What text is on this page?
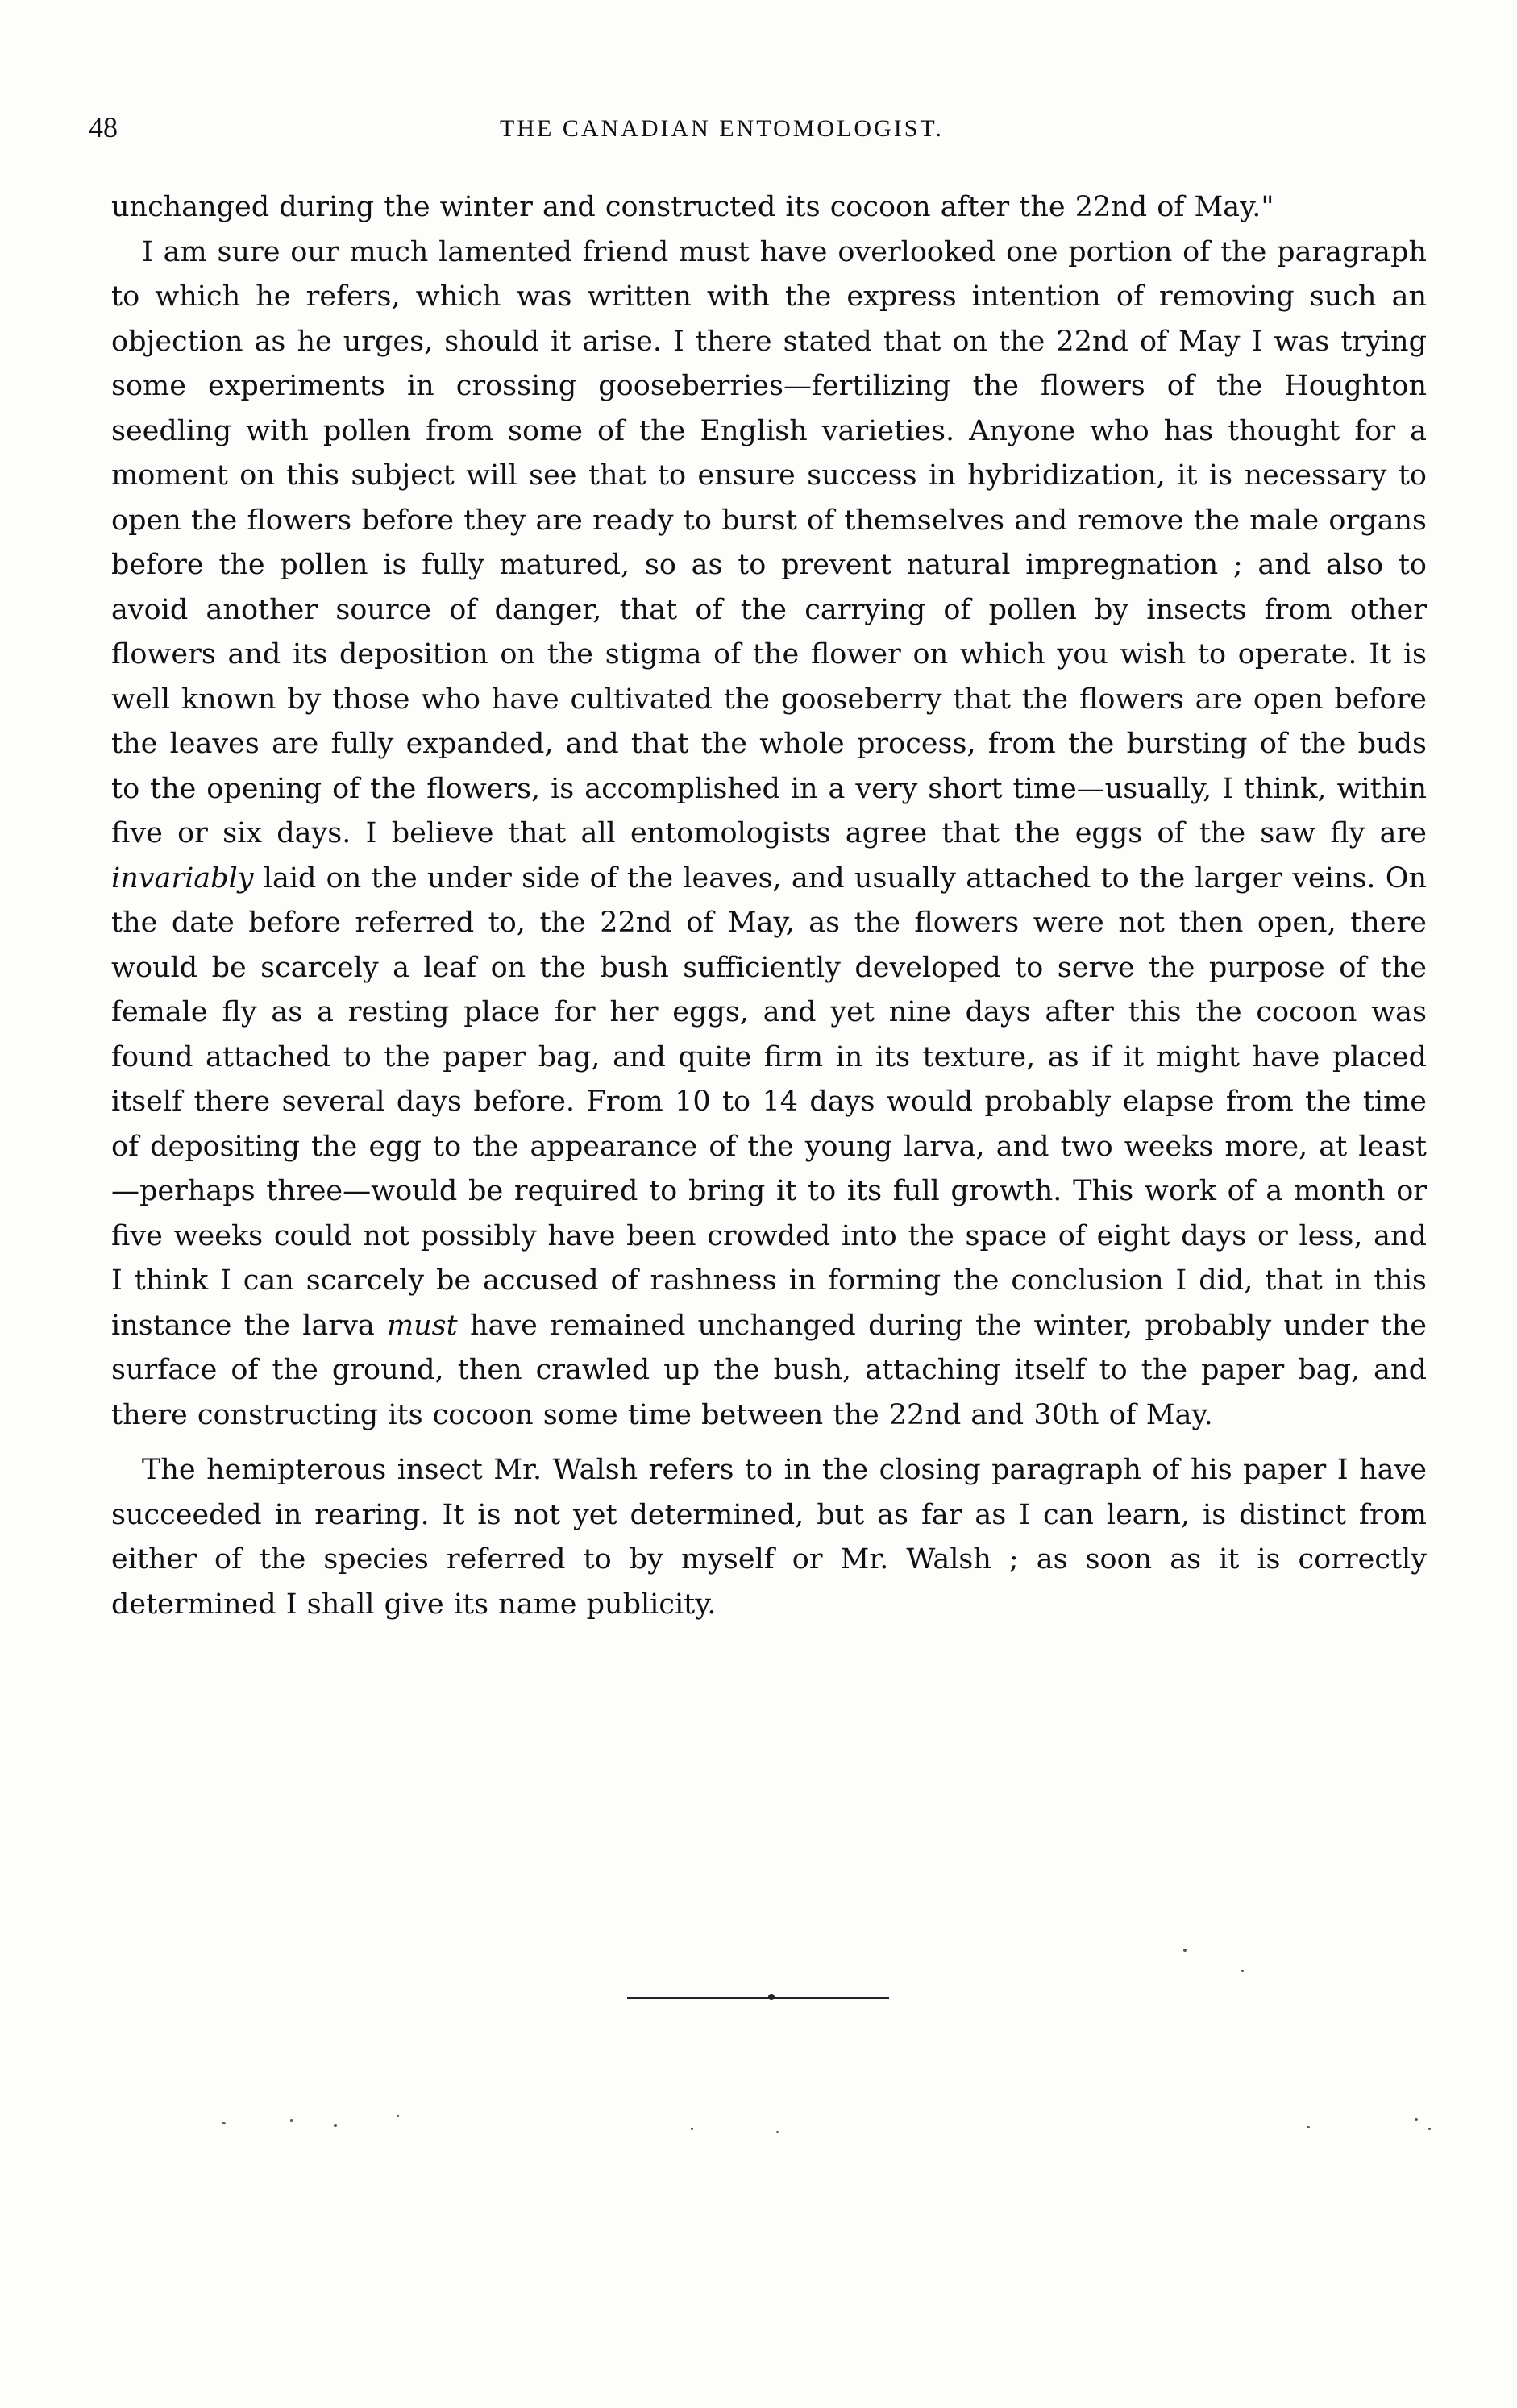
48	THE CANADIAN ENTOMOLOGIST.

unchanged during the winter and constructed its cocoon after the 22nd of May."

I am sure our much lamented friend must have overlooked one portion of the paragraph to which he refers, which was written with the express intention of removing such an objection as he urges, should it arise. I there stated that on the 22nd of May I was trying some experiments in crossing gooseberries—fertilizing the flowers of the Houghton seedling with pollen from some of the English varieties. Anyone who has thought for a moment on this subject will see that to ensure success in hybridization, it is necessary to open the flowers before they are ready to burst of themselves and remove the male organs before the pollen is fully matured, so as to prevent natural impregnation ; and also to avoid another source of danger, that of the carrying of pollen by insects from other flowers and its deposition on the stigma of the flower on which you wish to operate. It is well known by those who have cultivated the gooseberry that the flowers are open before the leaves are fully expanded, and that the whole process, from the bursting of the buds to the opening of the flowers, is accomplished in a very short time—usually, I think, within five or six days. I believe that all entomologists agree that the eggs of the saw fly are invariably laid on the under side of the leaves, and usually attached to the larger veins. On the date before referred to, the 22nd of May, as the flowers were not then open, there would be scarcely a leaf on the bush sufficiently developed to serve the purpose of the female fly as a resting place for her eggs, and yet nine days after this the cocoon was found attached to the paper bag, and quite firm in its texture, as if it might have placed itself there several days before. From 10 to 14 days would probably elapse from the time of depositing the egg to the appearance of the young larva, and two weeks more, at least—perhaps three—would be required to bring it to its full growth. This work of a month or five weeks could not possibly have been crowded into the space of eight days or less, and I think I can scarcely be accused of rashness in forming the conclusion I did, that in this instance the larva must have remained unchanged during the winter, probably under the surface of the ground, then crawled up the bush, attaching itself to the paper bag, and there constructing its cocoon some time between the 22nd and 30th of May.

The hemipterous insect Mr. Walsh refers to in the closing paragraph of his paper I have succeeded in rearing. It is not yet determined, but as far as I can learn, is distinct from either of the species referred to by myself or Mr. Walsh ; as soon as it is correctly determined I shall give its name publicity.
